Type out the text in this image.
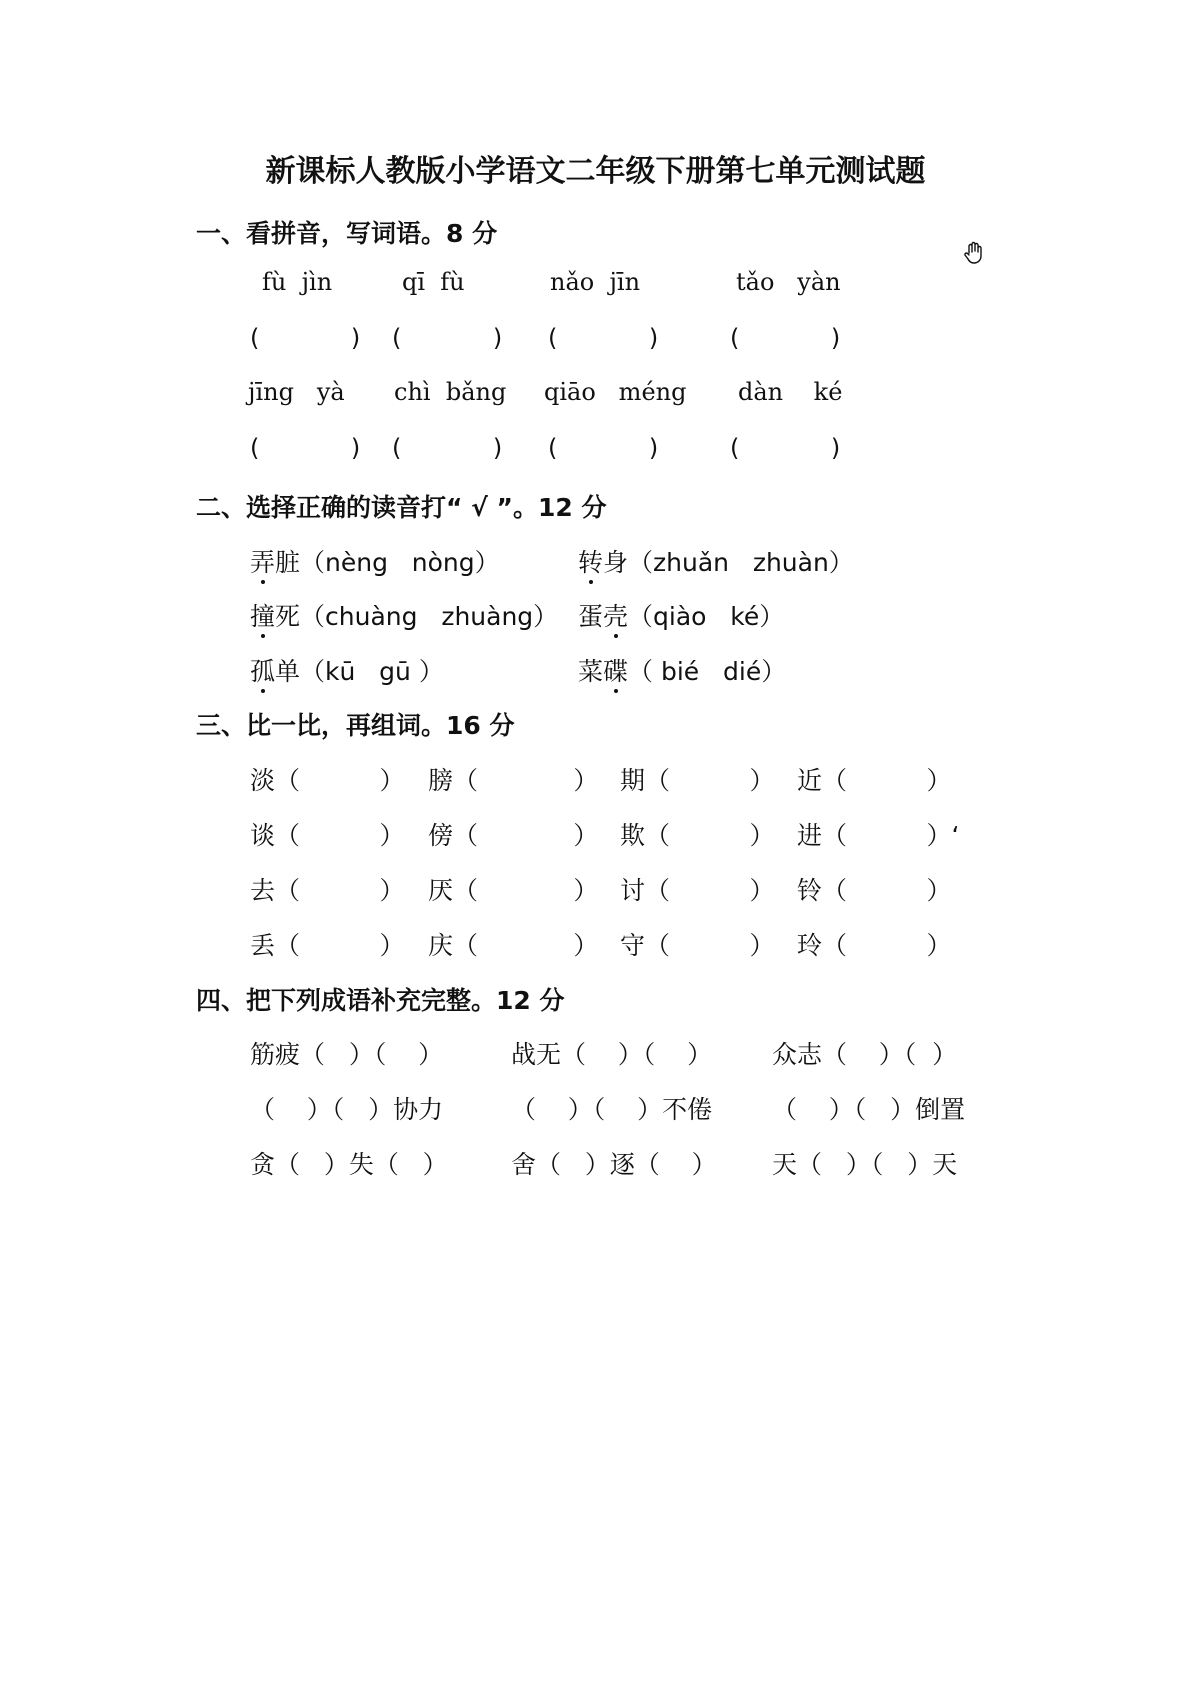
新课标人教版小学语文二年级下册第七单元测试题
一、看拼音，写词语。8 分
fù  jìn	qī  fù	nǎo  jīn	tǎo   yàn
(            ) (            ) (            )	(            )
jīng   yà chì  bǎng qiāo   méng dàn    ké
(            ) (            ) (            )	(            )
二、选择正确的读音打“ √ ”。12 分
弄脏（nèng   nòng）	转身（zhuǎn   zhuàn）
撞死（chuàng   zhuàng） 蛋壳（qiào   ké）
孤单（kū   gū ）	菜碟（ bié   dié）
三、比一比，再组词。16 分
淡（          ） 膀（            ） 期（          ） 近（          ）
谈（          ） 傍（            ） 欺（          ） 进（          ）‘
去（          ） 厌（            ） 讨（          ） 铃（          ）
丢（          ） 庆（            ） 守（          ） 玲（          ）
四、把下列成语补充完整。12 分
筋疲（   ）（    ）	战无（    ）（    ） 众志（    ）（  ）
（    ）（   ）协力	（    ）（    ）不倦 （    ）（   ）倒置
贪（   ）失（   ）	舍（   ）逐（    ） 天（   ）（   ）天
